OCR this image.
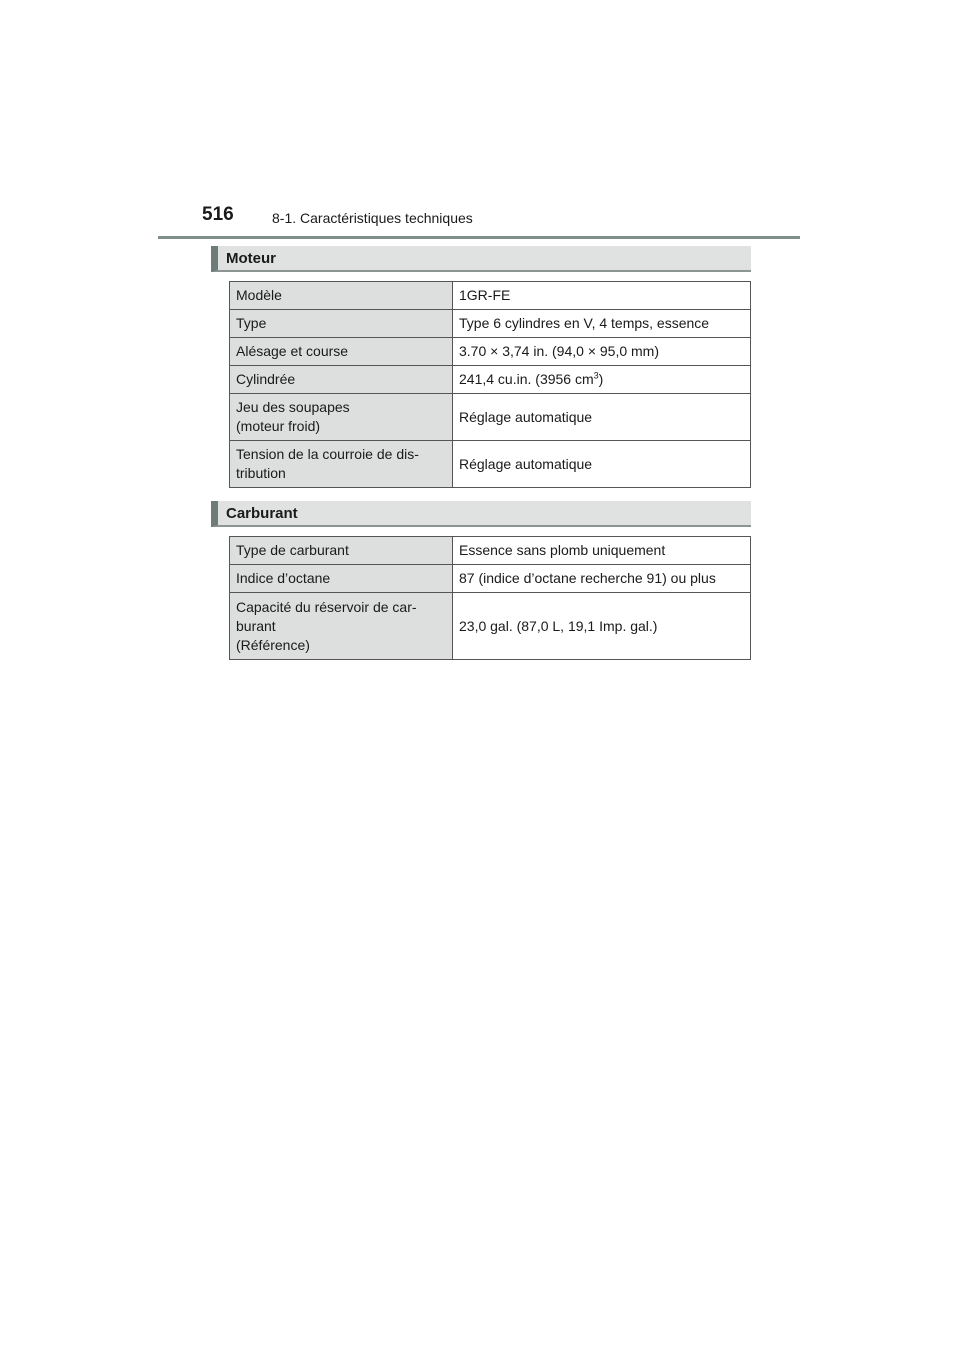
516	8-1. Caractéristiques techniques
Moteur
Modèle	1GR-FE
Type	Type 6 cylindres en V, 4 temps, essence
Alésage et course	3.70 × 3,74 in. (94,0 × 95,0 mm)
Cylindrée	241,4 cu.in. (3956 $cm^3$)

Jeu des soupapes
(moteur froid)	Réglage automatique

Tension de la courroie de dis-
tribution	Réglage automatique
Carburant
Type de carburant	Essence sans plomb uniquement
Indice d’octane	87 (indice d’octane recherche 91) ou plus

Capacité du réservoir de car-
burant
(Référence)	23,0 gal. (87,0 L, 19,1 Imp. gal.)
